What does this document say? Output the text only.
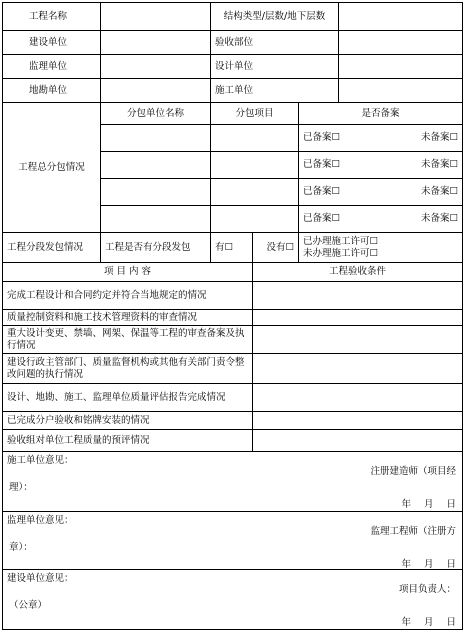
工程名称		结构类型/层数/地下层数			
建设单位		验收部位			
监理单位		设计单位			
地勘单位		施工单位			
工程总分包情况	分包单位名称	分包项目		是否备案	

				已备案☐ 未备案☐	

				已备案☐ 未备案☐	

				已备案☐ 未备案☐	

				已备案☐ 未备案☐	

工程分段发包情况	工程是否有分段发包	有☐	没有☐	已办理施工许可☐
未办理施工许可☐	

项 目 内 容			工程验收条件		
完成工程设计和合同约定并符合当地规定的情况					
质量控制资料和施工技术管理资料的审查情况					
重大设计变更、禁墙、网架、保温等工程的审查备案及执行情况					
建设行政主管部门、质量监督机构或其他有关部门责令整改问题的执行情况					
设计、地勘、施工、监理单位质量评估报告完成情况					
已完成分户验收和铭牌安装的情况					
验收组对单位工程质量的预评情况					

施工单位意见：
注册建造师（项目经
理）：
年 月 日					

监理单位意见：
监理工程师（注册方
章）：
年 月 日					

建设单位意见：
项目负责人：
（公章）
年 月 日					
